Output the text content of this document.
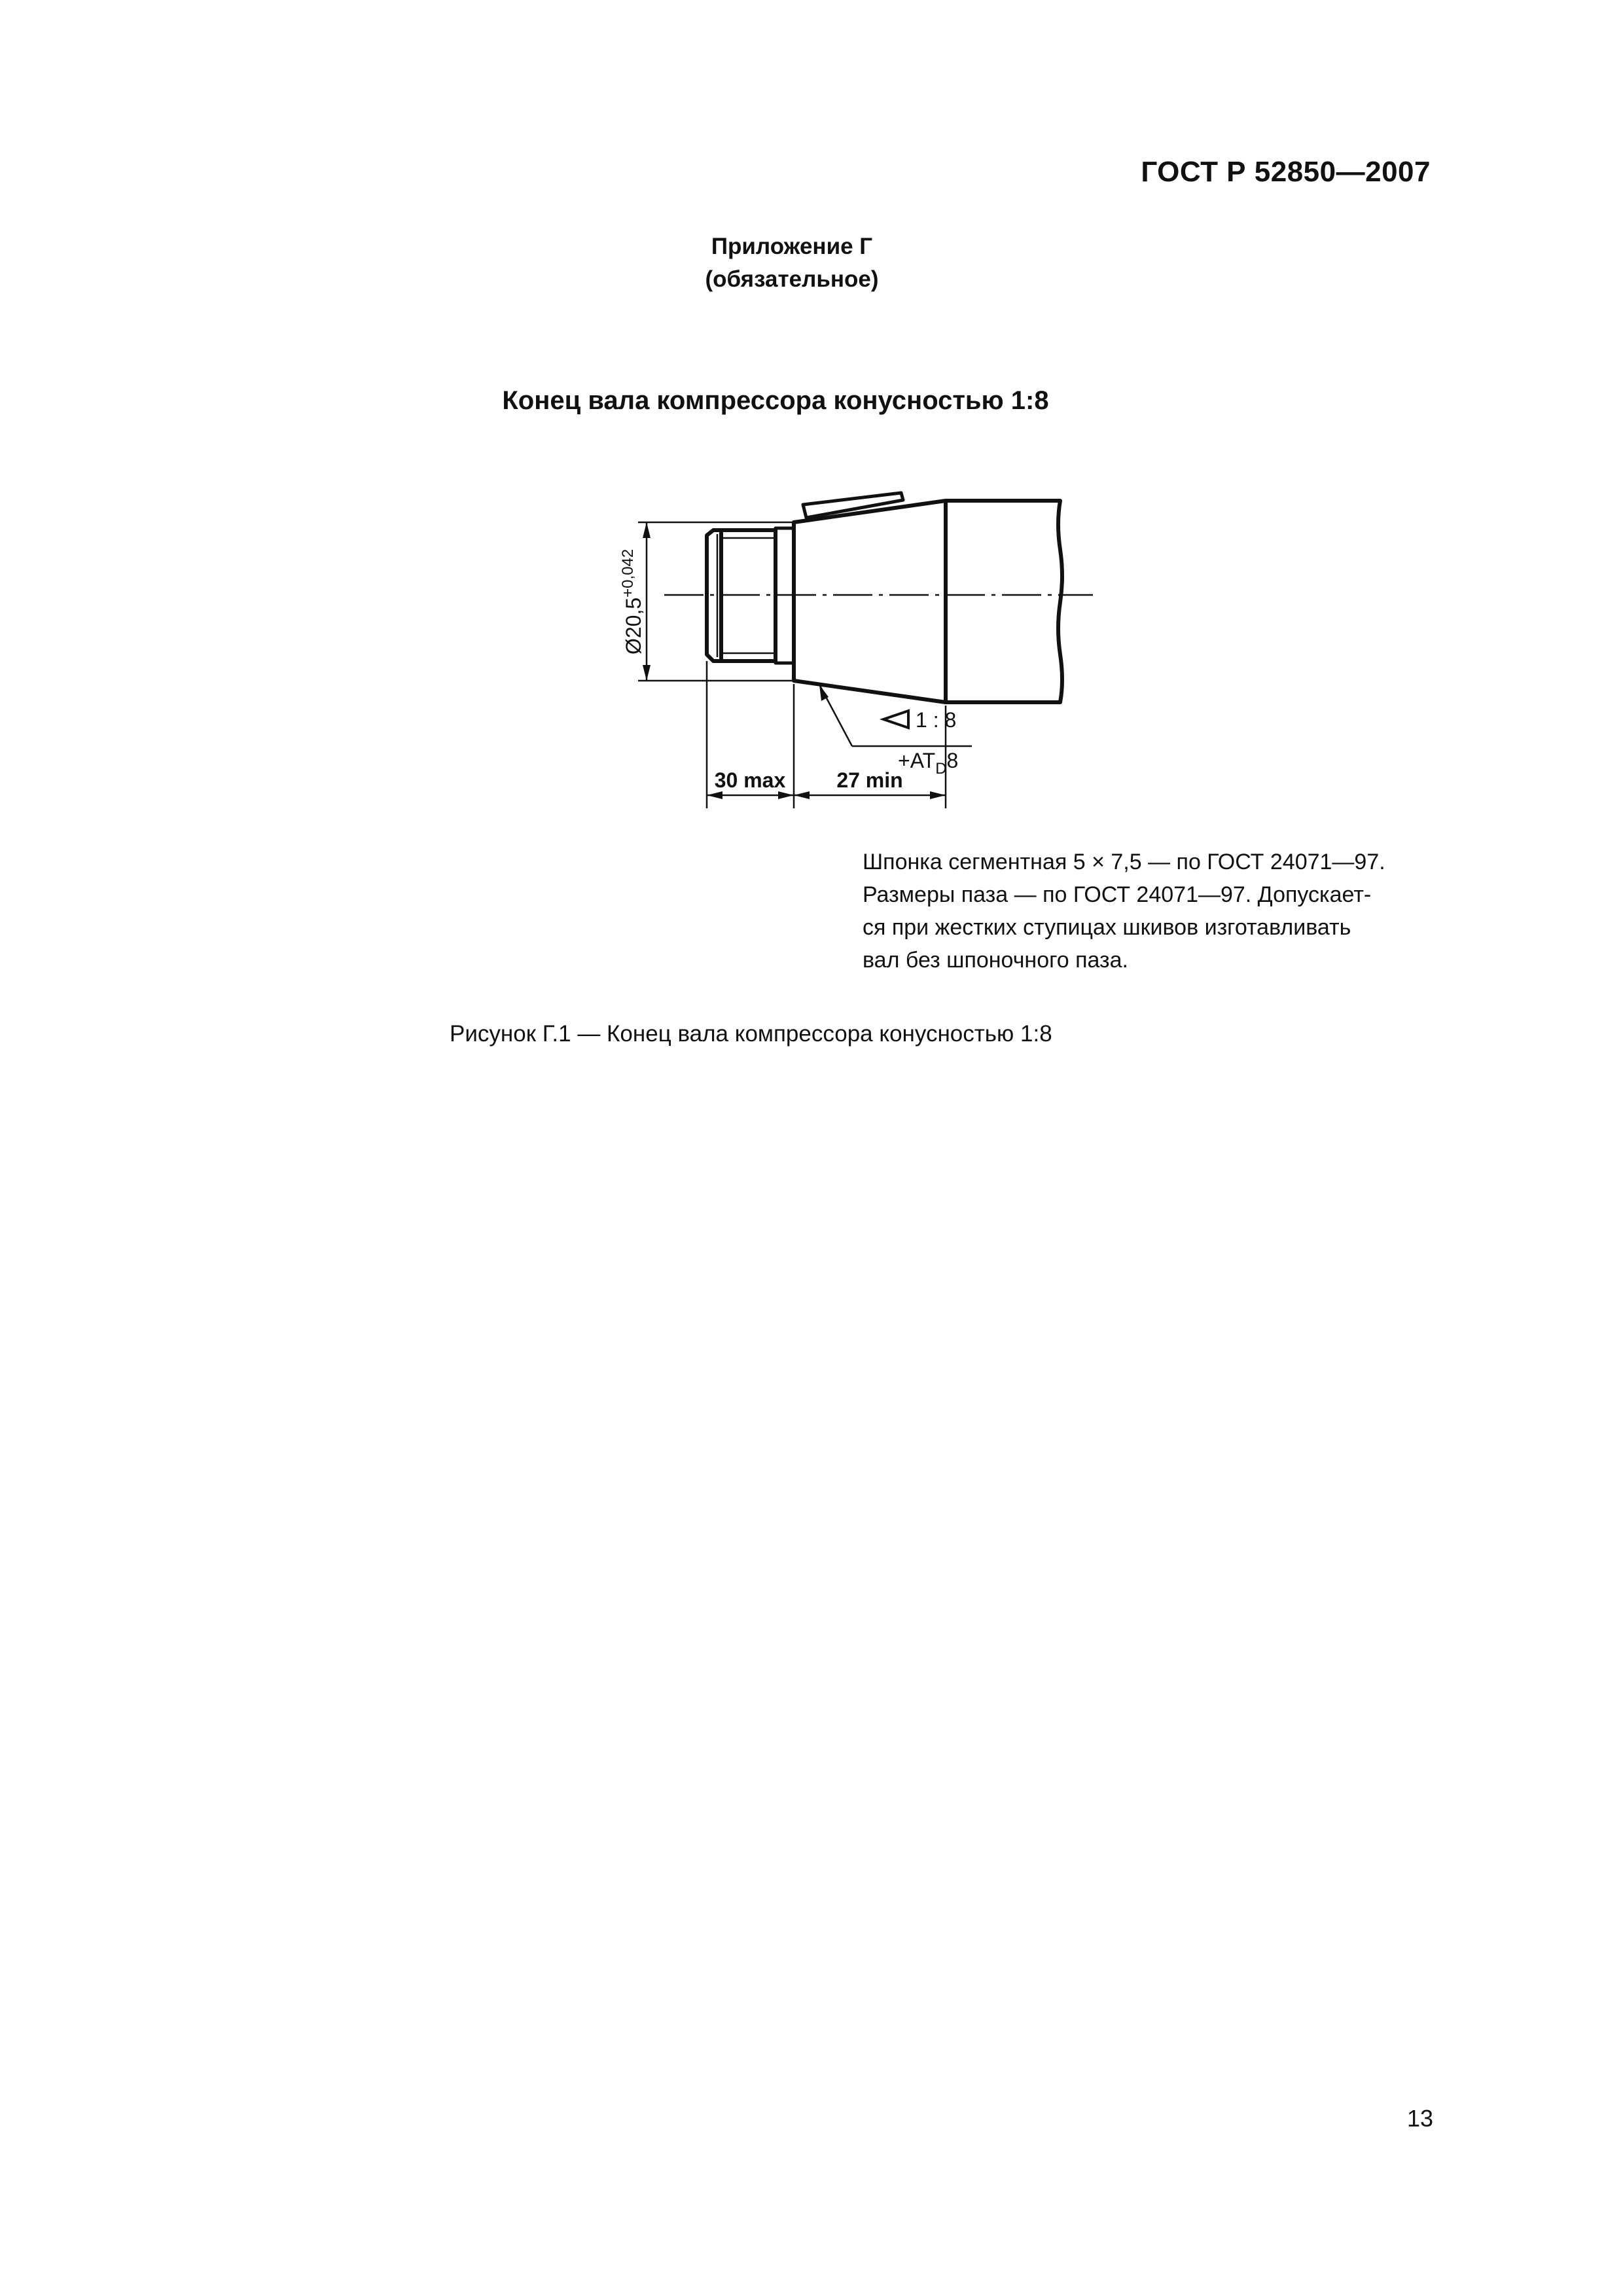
ГОСТ Р 52850—2007
Приложение Г
(обязательное)
Конец вала компрессора конусностью 1:8
$Ø20,5^{+0,042}$
30 max 27 min
1 : 8
$+AT_D8$

Шпонка сегментная 5 × 7,5 — по ГОСТ 24071—97.

Размеры паза — по ГОСТ 24071—97. Допускает-

ся при жестких ступицах шкивов изготавливать

вал без шпоночного паза.

Рисунок Г.1 — Конец вала компрессора конусностью 1:8
13
